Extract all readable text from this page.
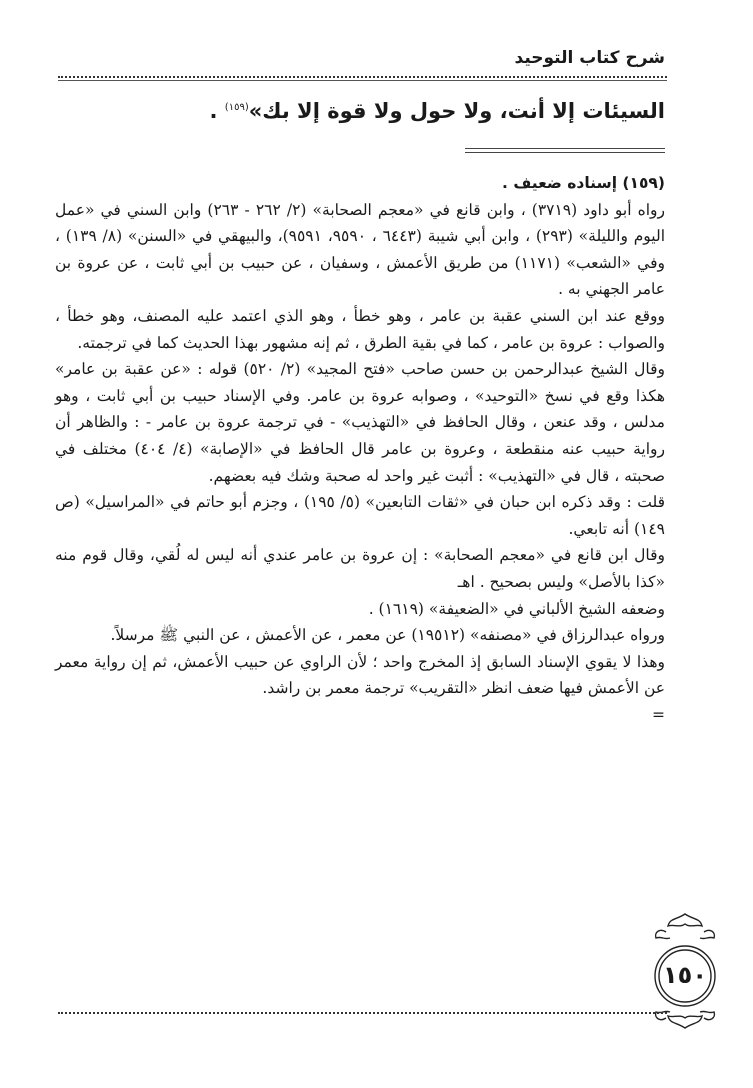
شرح كتاب التوحيد
السيئات إلا أنت، ولا حول ولا قوة إلا بك»$^{(١٥٩)}$ .

(١٥٩) إسناده ضعيف .

رواه أبو داود (٣٧١٩) ، وابن قانع في «معجم الصحابة» (٢/ ٢٦٢ - ٢٦٣) وابن السني في «عمل اليوم والليلة» (٢٩٣) ، وابن أبي شيبة (٦٤٤٣ ، ٩٥٩٠، ٩٥٩١)، والبيهقي في «السنن» (٨/ ١٣٩) ، وفي «الشعب» (١١٧١) من طريق الأعمش ، وسفيان ، عن حبيب بن أبي ثابت ، عن عروة بن عامر الجهني به .

ووقع عند ابن السني عقبة بن عامر ، وهو خطأ ، وهو الذي اعتمد عليه المصنف، وهو خطأ ، والصواب : عروة بن عامر ، كما في بقية الطرق ، ثم إنه مشهور بهذا الحديث كما في ترجمته.

وقال الشيخ عبدالرحمن بن حسن صاحب «فتح المجيد» (٢/ ٥٢٠) قوله : «عن عقبة بن عامر» هكذا وقع في نسخ «التوحيد» ، وصوابه عروة بن عامر. وفي الإسناد حبيب بن أبي ثابت ، وهو مدلس ، وقد عنعن ، وقال الحافظ في «التهذيب» - في ترجمة عروة بن عامر - : والظاهر أن رواية حبيب عنه منقطعة ، وعروة بن عامر قال الحافظ في «الإصابة» (٤/ ٤٠٤) مختلف في صحبته ، قال في «التهذيب» : أثبت غير واحد له صحبة وشك فيه بعضهم.

قلت : وقد ذكره ابن حبان في «ثقات التابعين» (٥/ ١٩٥) ، وجزم أبو حاتم في «المراسيل» (ص ١٤٩) أنه تابعي.

وقال ابن قانع في «معجم الصحابة» : إن عروة بن عامر عندي أنه ليس له لُقي، وقال قوم منه «كذا بالأصل» وليس بصحيح . اهـ

وضعفه الشيخ الألباني في «الضعيفة» (١٦١٩) .

ورواه عبدالرزاق في «مصنفه» (١٩٥١٢) عن معمر ، عن الأعمش ، عن النبي ﷺ مرسلاً.

وهذا لا يقوي الإسناد السابق إذ المخرج واحد ؛ لأن الراوي عن حبيب الأعمش، ثم إن رواية معمر عن الأعمش فيها ضعف انظر «التقريب» ترجمة معمر بن راشد.

=

١٥٠
